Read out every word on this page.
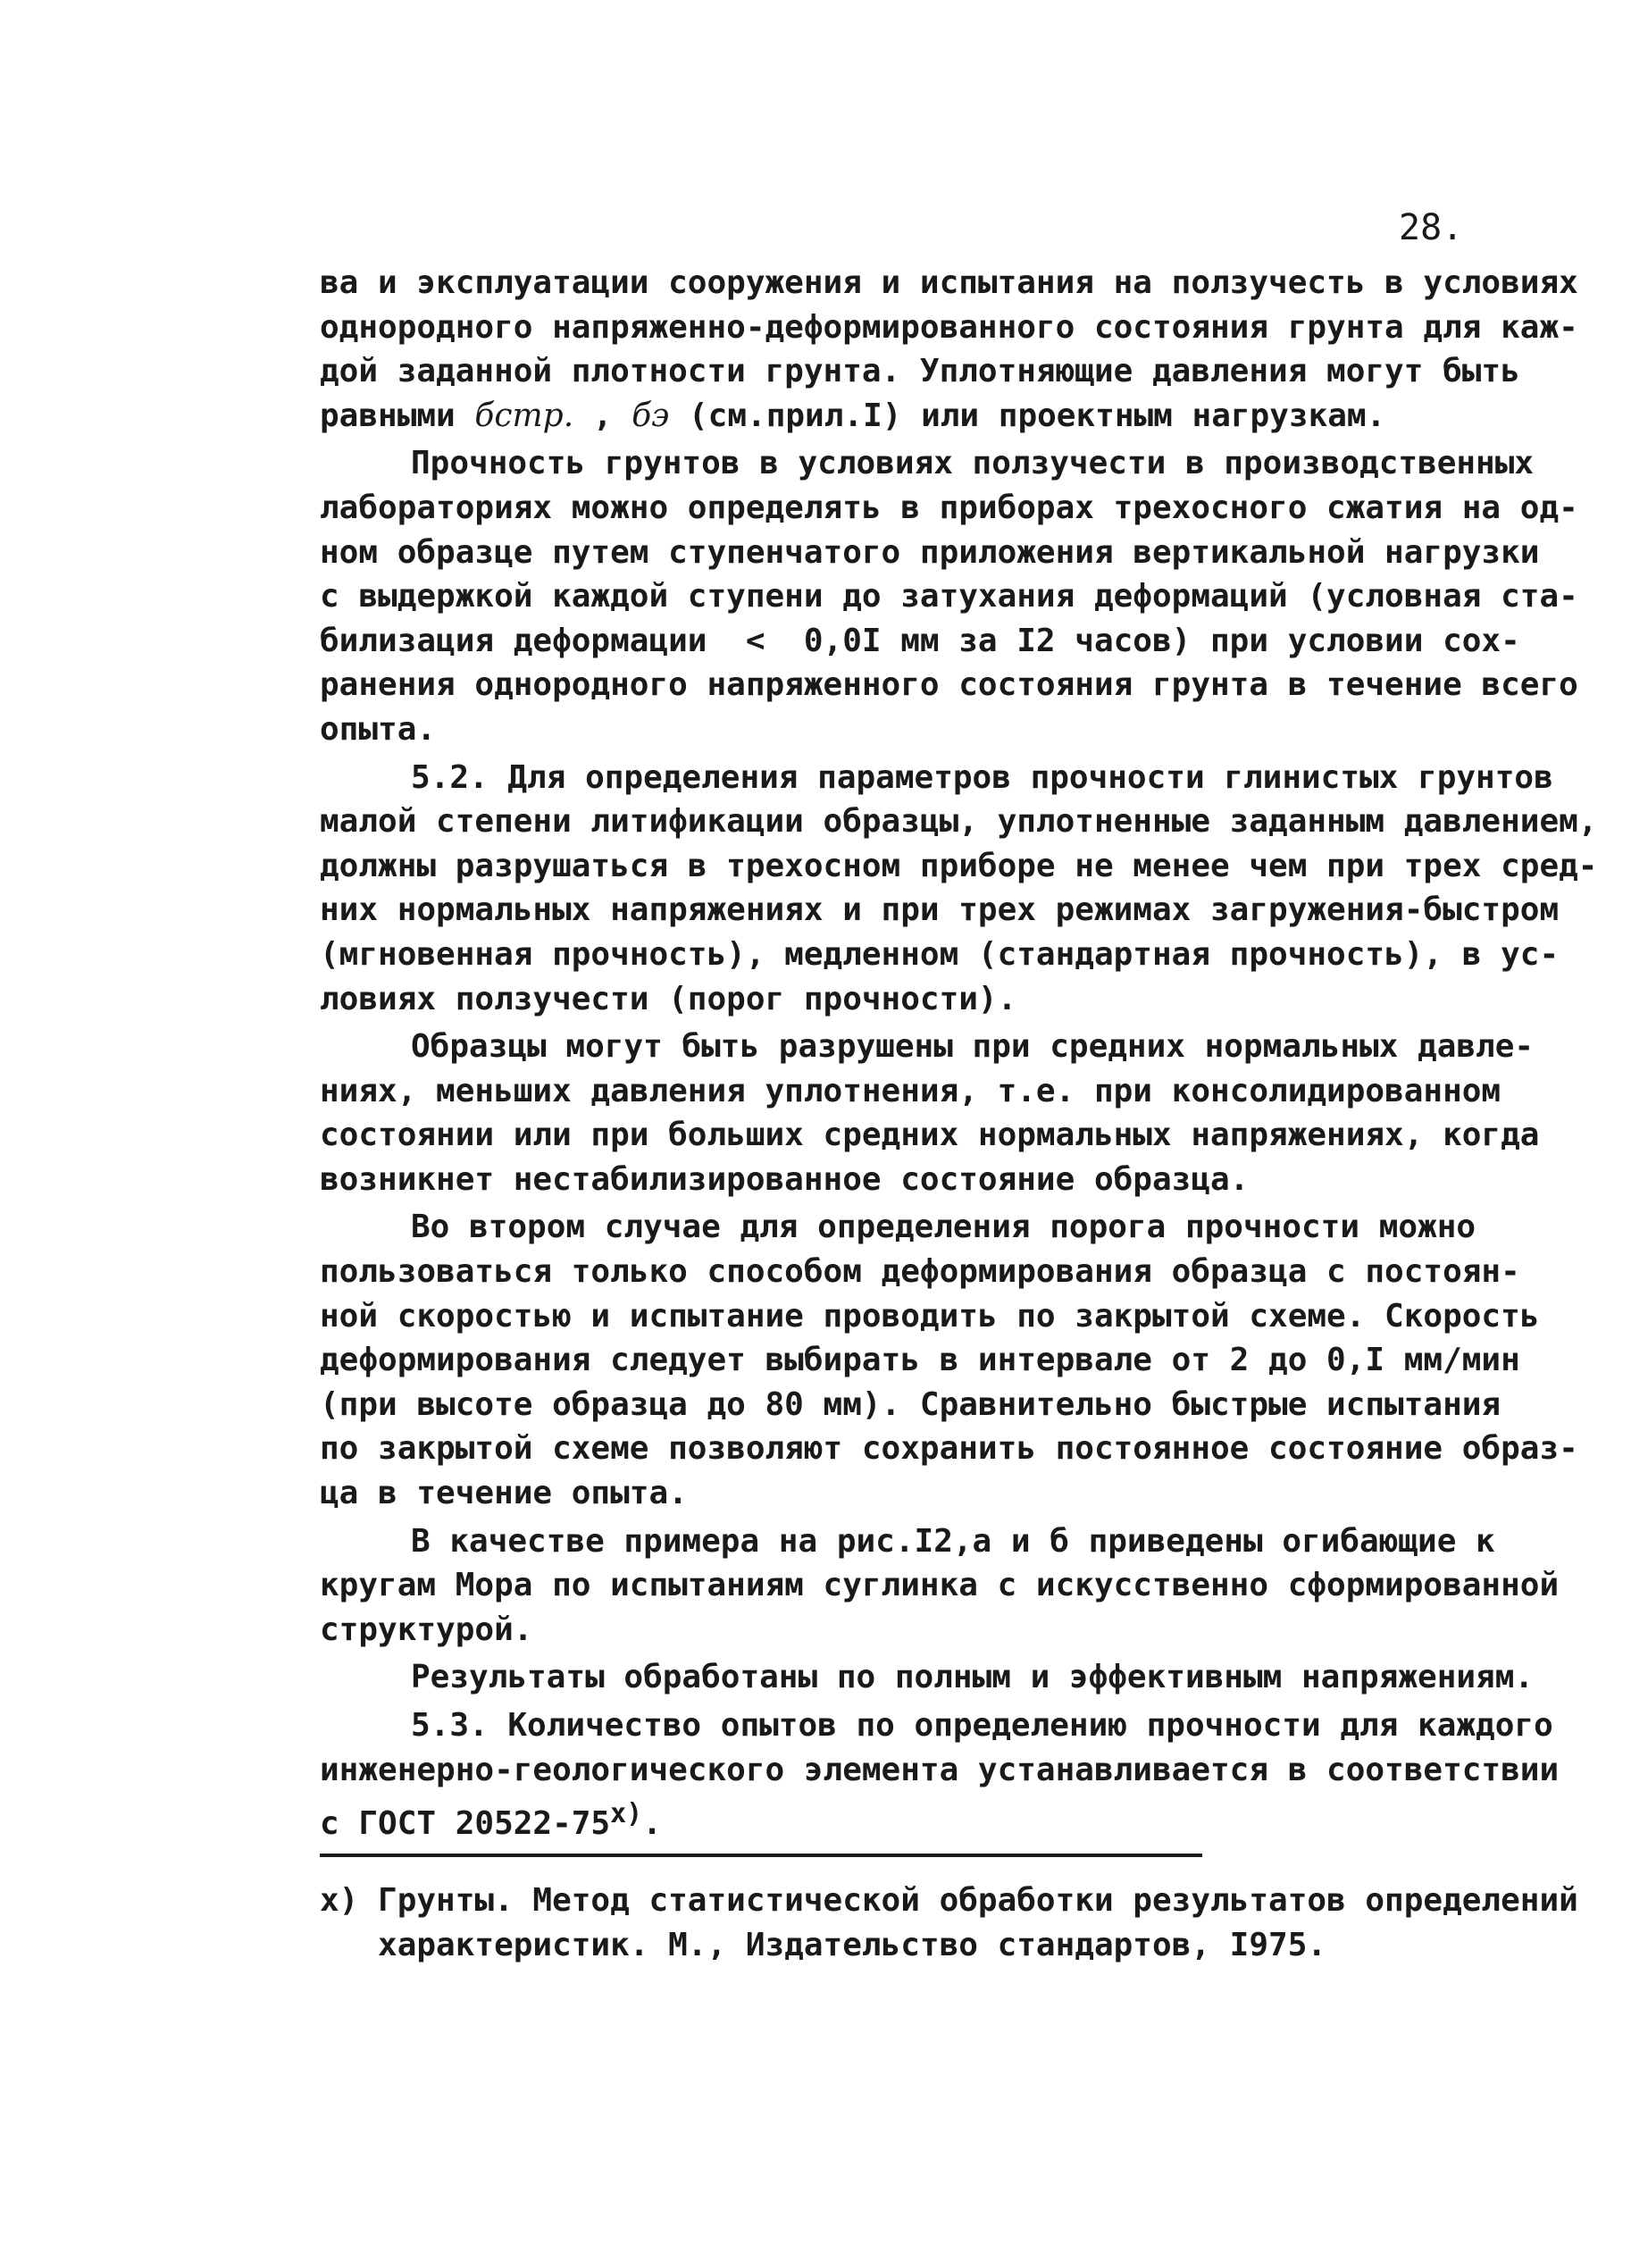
28.
ва и эксплуатации сооружения и испытания на ползучесть в условиях
однородного напряженно-деформированного состояния грунта для каж-
дой заданной плотности грунта. Уплотняющие давления могут быть
равными бстр. , бэ (см.прил.I) или проектным нагрузкам.
Прочность грунтов в условиях ползучести в производственных
лабораториях можно определять в приборах трехосного сжатия на од-
ном образце путем ступенчатого приложения вертикальной нагрузки
с выдержкой каждой ступени до затухания деформаций (условная ста-
билизация деформации  <  0,0I мм за I2 часов) при условии сох-
ранения однородного напряженного состояния грунта в течение всего
опыта.
5.2. Для определения параметров прочности глинистых грунтов
малой степени литификации образцы, уплотненные заданным давлением,
должны разрушаться в трехосном приборе не менее чем при трех сред-
них нормальных напряжениях и при трех режимах загружения-быстром
(мгновенная прочность), медленном (стандартная прочность), в ус-
ловиях ползучести (порог прочности).
Образцы могут быть разрушены при средних нормальных давле-
ниях, меньших давления уплотнения, т.е. при консолидированном
состоянии или при больших средних нормальных напряжениях, когда
возникнет нестабилизированное состояние образца.
Во втором случае для определения порога прочности можно
пользоваться только способом деформирования образца с постоян-
ной скоростью и испытание проводить по закрытой схеме. Скорость
деформирования следует выбирать в интервале от 2 до 0,I мм/мин
(при высоте образца до 80 мм). Сравнительно быстрые испытания
по закрытой схеме позволяют сохранить постоянное состояние образ-
ца в течение опыта.
В качестве примера на рис.I2,а и б приведены огибающие к
кругам Мора по испытаниям суглинка с искусственно сформированной
структурой.
Результаты обработаны по полным и эффективным напряжениям.
5.3. Количество опытов по определению прочности для каждого
инженерно-геологического элемента устанавливается в соответствии
с ГОСТ $20522-75^{х)}$.
х) Грунты. Метод статистической обработки результатов определений
характеристик. М., Издательство стандартов, I975.
